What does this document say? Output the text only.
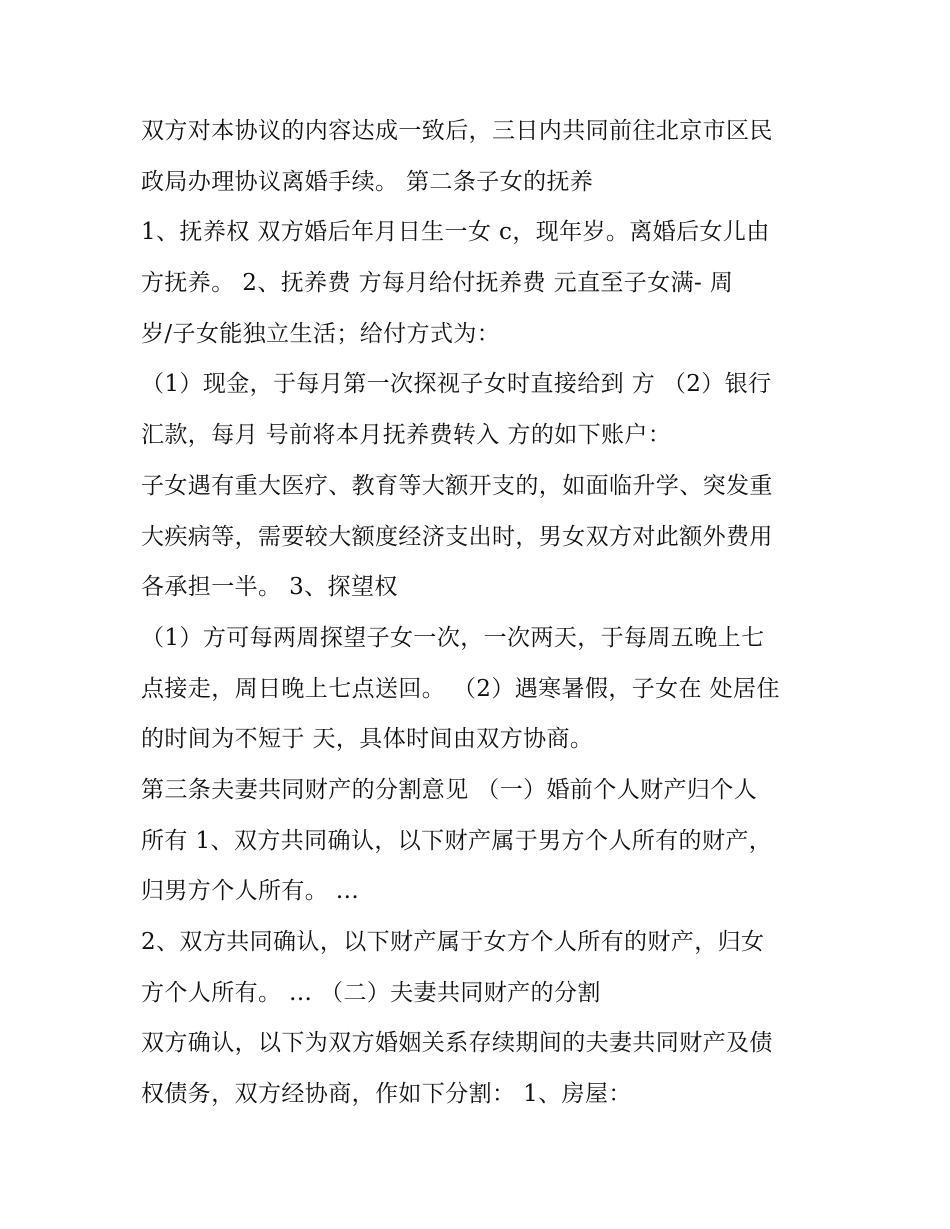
双方对本协议的内容达成一致后，三日内共同前往北京市区民
政局办理协议离婚手续。 第二条子女的抚养
1、抚养权 双方婚后年月日生一女 c，现年岁。离婚后女儿由
方抚养。 2、抚养费 方每月给付抚养费 元直至子女满- 周
岁/子女能独立生活；给付方式为：
（1）现金，于每月第一次探视子女时直接给到 方 （2）银行
汇款，每月 号前将本月抚养费转入 方的如下账户：
子女遇有重大医疗、教育等大额开支的，如面临升学、突发重
大疾病等，需要较大额度经济支出时，男女双方对此额外费用
各承担一半。 3、探望权
（1）方可每两周探望子女一次，一次两天，于每周五晚上七
点接走，周日晚上七点送回。 （2）遇寒暑假，子女在 处居住
的时间为不短于 天，具体时间由双方协商。
第三条夫妻共同财产的分割意见 （一）婚前个人财产归个人
所有 1、双方共同确认，以下财产属于男方个人所有的财产，
归男方个人所有。 ...
2、双方共同确认，以下财产属于女方个人所有的财产，归女
方个人所有。 ... （二）夫妻共同财产的分割
双方确认，以下为双方婚姻关系存续期间的夫妻共同财产及债
权债务，双方经协商，作如下分割： 1、房屋：
